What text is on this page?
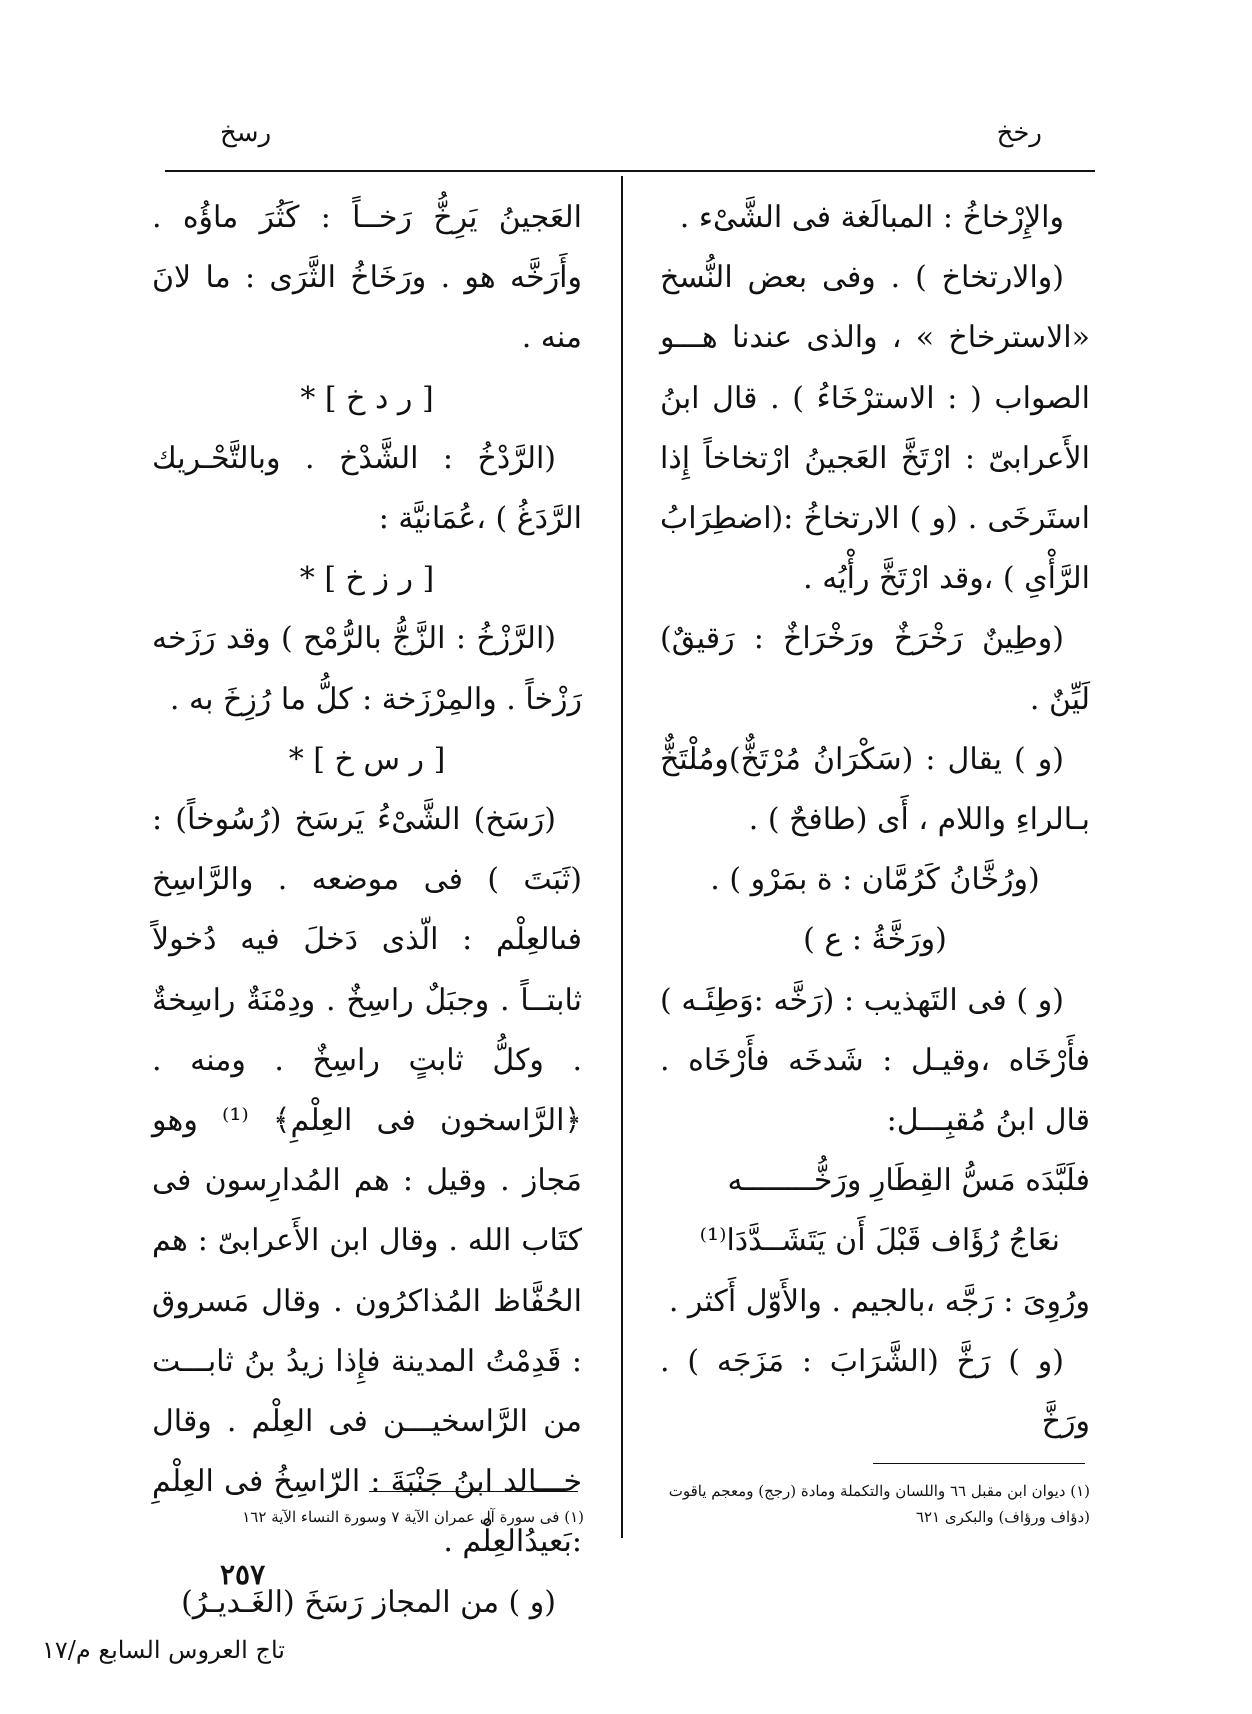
رخخ
رسخ

والإِرْخاخُ : المبالَغة فى الشَّىْء .

(والارتخاخ ) . وفى بعض النُّسخ «الاسترخاخ » ، والذى عندنا هـــو الصواب ( : الاسترْخَاءُ ) . قال ابنُ الأَعرابىّ : ارْتَخَّ العَجينُ ارْتخاخاً إِذا استَرخَى . (و ) الارتخاخُ :(اضطِرَابُ الرَّأْىِ ) ،وقد ارْتَخَّ رأْيُه .

(وطِينٌ رَخْرَخٌ ورَخْرَاخٌ : رَقيقٌ) لَيِّنٌ .

(و ) يقال : (سَكْرَانُ مُرْتَخٌّ)ومُلْتَخٌّ بـالراءِ واللام ، أَى (طافحٌ ) .

(ورُخَّانُ كَرُمَّان : ة بمَرْو ) .

(ورَخَّةُ : ع )

(و ) فى التَهذيب : (رَخَّه :وَطِئَـه ) فأَرْخَاه ،وقيـل : شَدخَه فأَرْخَاه . قال ابنُ مُقبِـــل:

فلَبَّدَه مَسُّ القِطَارِ ورَخُّــــــــه

نعَاجُ رُؤَاف قَبْلَ أَن يَتَشَــدَّدَا⁽¹⁾

ورُوِىَ : رَجَّه ،بالجيم . والأَوّل أَكثر .

(و ) رَخَّ (الشَّرَابَ : مَزَجَه ) . ورَخَّ

العَجينُ يَرِخُّ رَخــاً : كَثُرَ ماؤُه . وأَرَخَّه هو . ورَخَاخُ الثَّرَى : ما لانَ منه .

[ ر د خ ] *

(الرَّدْخُ : الشَّدْخ . وبالتَّحْـريك الرَّدَغُ ) ،عُمَانيَّة :

[ ر ز خ ] *

(الرَّزْخُ : الزَّجُّ بالرُّمْح ) وقد رَزَخه رَزْخاً . والمِرْزَخة : كلُّ ما رُزِخَ به .

[ ر س خ ] *

(رَسَخ) الشَّىْءُ يَرسَخ (رُسُوخاً) : (ثَبَتَ ) فى موضعه . والرَّاسِخ فىالعِلْم : الّذى دَخلَ فيه دُخولاً ثابتــاً . وجبَلٌ راسِخٌ . ودِمْنَةٌ راسِخةٌ . وكلُّ ثابتٍ راسِخٌ . ومنه . ﴿الرَّاسخون فى العِلْمِ﴾ ⁽¹⁾ وهو مَجاز . وقيل : هم المُدارِسون فى كتَاب الله . وقال ابن الأَعرابىّ : هم الحُفَّاظ المُذاكرُون . وقال مَسروق : قَدِمْتُ المدينة فإِذا زيدُ بنُ ثابـــت من الرَّاسخيـــن فى العِلْم . وقال خـــالد ابنُ جَنْبَةَ : الرّاسِخُ فى العِلْمِ :بَعيدُالعِلْم .

(و ) من المجاز رَسَخَ (الغَـديـرُ)

(١) ديوان ابن مقبل ٦٦ واللسان والتكملة ومادة (رجج) ومعجم ياقوت (دؤاف ورؤاف) والبكرى ٦٢١
(١) فى سورة آل عمران الآية ٧ وسورة النساء الآية ١٦٢
٢٥٧
تاج العروس السابع م/١٧
